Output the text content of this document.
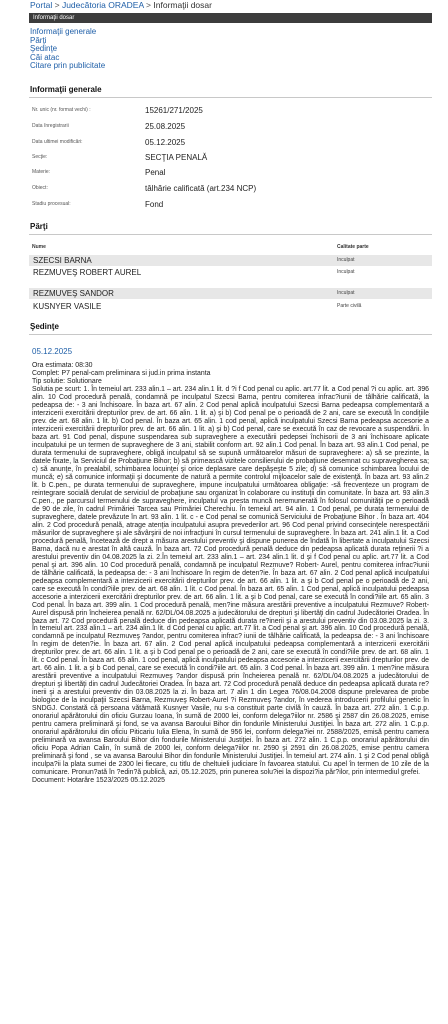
Portal > Judecătoria ORADEA > Informaţii dosar
Informaţii dosar
Informaţii generale
Părţi
Şedinţe
Căi atac
Citare prin publicitate
Informaţii generale
Nr. unic (nr. format vechi) :	15261/271/2025
Data înregistrarii	25.08.2025
Data ultimei modificări:	05.12.2025
Secţie:	SECŢIA PENALĂ
Materie:	Penal
Obiect:	tâlhărie calificată (art.234 NCP)
Stadiu procesual:	Fond
Părţi
Nume	Calitate parte
SZECSI BARNA	Inculpat
REZMUVEŞ ROBERT AUREL	Inculpat
REZMUVEŞ SANDOR	Inculpat
KUSNYER VASILE	Parte civilă
Şedinţe
05.12.2025
Ora estimata: 08:30
Complet: P7 penal-cam preliminara si jud.in prima instanta
Tip solutie: Solutionare

Solutia pe scurt: 1. În temeiul art. 233 alin.1 – art. 234 alin.1 lit. d ?i f Cod penal cu aplic. art.77 lit. a Cod penal ?i cu aplic. art. 396 alin. 10 Cod procedură penală, condamnă pe inculpatul Szecsi Barna, pentru comiterea infrac?iunii de tâlhărie calificată, la pedeapsa de: - 3 ani închisoare. În baza art. 67 alin. 2 Cod penal aplică inculpatului Szecsi Barna pedeapsa complementară a interzicerii exercitării drepturilor prev. de art. 66 alin. 1 lit. a) şi b) Cod penal pe o perioadă de 2 ani, care se execută în condiţiile prev. de art. 68 alin. 1 lit. b) Cod penal. În baza art. 65 alin. 1 cod penal, aplică inculpatului Szecsi Barna pedeapsa accesorie a interzicerii exercitării drepturilor prev. de art. 66 alin. 1 lit. a) şi b) Cod penal, care se execută în caz de revocare a suspendării. În baza art. 91 Cod penal, dispune suspendarea sub supraveghere a executării pedepsei închisorii de 3 ani închisoare aplicate inculpatului pe un termen de supraveghere de 3 ani, stabilit conform art. 92 alin.1 Cod penal. În baza art. 93 alin.1 Cod penal, pe durata termenului de supraveghere, obligă inculpatul să se supună următoarelor măsuri de supraveghere: a) să se prezinte, la datele fixate, la Serviciul de Probaţiune Bihor; b) să primească vizitele consilierului de probaţiune desemnat cu supravegherea sa; c) să anunţe, în prealabil, schimbarea locuinţei şi orice deplasare care depăşeşte 5 zile; d) să comunice schimbarea locului de muncă; e) să comunice informaţii şi documente de natură a permite controlul mijloacelor sale de existenţă. În baza art. 93 alin.2 lit. b C.pen., pe durata termenului de supraveghere, impune inculpatului următoarea obligaţie: -să frecventeze un program de reintegrare socială derulat de serviciul de probaţiune sau organizat în colaborare cu instituţii din comunitate. În baza art. 93 alin.3 C.pen., pe parcursul termenului de supraveghere, inculpatul va presta muncă neremunerată în folosul comunităţii pe o perioadă de 90 de zile, în cadrul Primăriei Tarcea sau Primăriei Cherechiu. În temeiul art. 94 alin. 1 Cod penal, pe durata termenului de supraveghere, datele prevăzute în art. 93 alin. 1 lit. c - e Cod penal se comunică Serviciului de Probaţiune Bihor . În baza art. 404 alin. 2 Cod procedură penală, atrage atenţia inculpatului asupra prevederilor art. 96 Cod penal privind consecinţele nerespectării măsurilor de supraveghere şi ale săvârşirii de noi infracţiuni în cursul termenului de supraveghere. În baza art. 241 alin.1 lit. a Cod procedură penală, încetează de drept a măsura arestului preventiv şi dispune punerea de îndată în libertate a inculpatului Szecsi Barna, dacă nu e arestat în altă cauză. În baza art. 72 Cod procedură penală deduce din pedeapsa aplicată durata reţinerii ?i a arestului preventiv din 04.08.2025 la zi. 2.În temeiul art. 233 alin.1 – art. 234 alin.1 lit. d şi f Cod penal cu aplic. art.77 lit. a Cod penal şi art. 396 alin. 10 Cod procedură penală, condamnă pe inculpatul Rezmuve? Robert- Aurel, pentru comiterea infrac?iunii de tâlhărie calificată, la pedeapsa de: - 3 ani închisoare în regim de deten?ie. În baza art. 67 alin. 2 Cod penal aplică inculpatului pedeapsa complementară a interzicerii exercitării drepturilor prev. de art. 66 alin. 1 lit. a şi b Cod penal pe o perioadă de 2 ani, care se execută în condi?iile prev. de art. 68 alin. 1 lit. c Cod penal. În baza art. 65 alin. 1 Cod penal, aplică inculpatului pedeapsa accesorie a interzicerii exercitării drepturilor prev. de art. 66 alin. 1 lit. a şi b Cod penal, care se execută în condi?iile art. 65 alin. 3 Cod penal. În baza art. 399 alin. 1 Cod procedură penală, men?ine măsura arestării preventive a inculpatului Rezmuve? Robert-Aurel dispusă prin încheierea penală nr. 62/DL/04.08.2025 a judecătorului de drepturi şi libertăţi din cadrul Judecătoriei Oradea. În baza art. 72 Cod procedură penală deduce din pedeapsa aplicată durata re?inerii şi a arestului preventiv din 03.08.2025 la zi. 3. În temeiul art. 233 alin.1 – art. 234 alin.1 lit. d Cod penal cu aplic. art.77 lit. a Cod penal şi art. 396 alin. 10 Cod procedură penală, condamnă pe inculpatul Rezmuveş ?andor, pentru comiterea infrac? iunii de tâlhărie calificată, la pedeapsa de: - 3 ani închisoare în regim de deten?ie. În baza art. 67 alin. 2 Cod penal aplică inculpatului pedeapsa complementară a interzicerii exercitării drepturilor prev. de art. 66 alin. 1 lit. a şi b Cod penal pe o perioadă de 2 ani, care se execută în condi?iile prev. de art. 68 alin. 1 lit. c Cod penal. În baza art. 65 alin. 1 cod penal, aplică inculpatului pedeapsa accesorie a interzicerii exercitării drepturilor prev. de art. 66 alin. 1 lit. a şi b Cod penal, care se execută în condi?iile art. 65 alin. 3 Cod penal. În baza art. 399 alin. 1 men?ine măsura arestării preventive a inculpatului Rezmuveş ?andor dispusă prin încheierea penală nr. 62/DL/04.08.2025 a judecătorului de drepturi şi libertăţi din cadrul Judecătoriei Oradea. În baza art. 72 Cod procedură penală deduce din pedeapsa aplicată durata re?inerii şi a arestului preventiv din 03.08.2025 la zi. În baza art. 7 alin 1 din Legea 76/08.04.2008 dispune prelevarea de probe biologice de la inculpaţii Szecsi Barna, Rezmuveş Robert-Aurel ?i Rezmuveş ?andor, în vederea introducerii profilului genetic în SNDGJ. Constată că persoana vătămată Kusnyer Vasile, nu s-a constituit parte civilă în cauză. În baza art. 272 alin. 1 C.p.p. onorariul apărătorului din oficiu Gurzau Ioana, în sumă de 2000 lei, conform delega?iilor nr. 2586 şi 2587 din 26.08.2025, emise pentru camera preliminară şi fond, se va avansa Baroului Bihor din fondurile Ministerului Justiţiei. În baza art. 272 alin. 1 C.p.p. onorariul apărătorului din oficiu Piticariu Iulia Elena, în sumă de 956 lei, conform delega?iei nr. 2588/2025, emisă pentru camera preliminară va avansa Baroului Bihor din fondurile Ministerului Justiţiei. În baza art. 272 alin. 1 C.p.p. onorariul apărătorului din oficiu Popa Adrian Calin, în sumă de 2000 lei, conform delega?iilor nr. 2590 şi 2591 din 26.08.2025, emise pentru camera preliminară şi fond , se va avansa Baroului Bihor din fondurile Ministerului Justiţiei. În temeiul art. 274 alin. 1 şi 2 Cod penal obligă inculpa?ii la plata sumei de 2300 lei fiecare, cu titlu de cheltuieli judiciare în favoarea statului. Cu apel în termen de 10 zile de la comunicare. Pronun?ată în ?edin?ă publică, azi, 05.12.2025, prin punerea solu?iei la dispozi?ia păr?ilor, prin intermediul grefei.

Document: Hotarâre 1523/2025 05.12.2025
